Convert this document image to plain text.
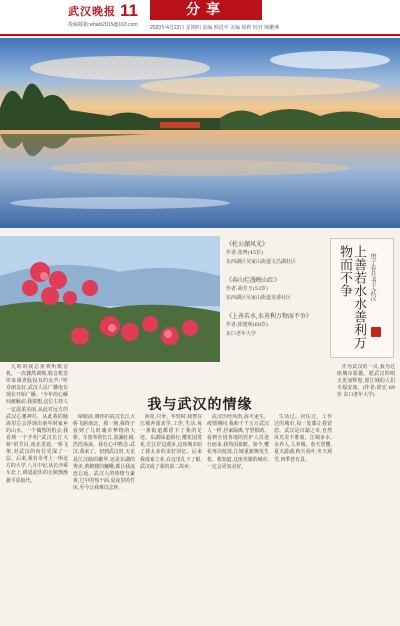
武汉晚报 11
投稿邮箱:whwb2015@163.com
分享
2020年4月23日 星期四 责编 韩进中 美编 徐莉 校对 韩鹏燕
《杜公湖风光》
作者:张博(45岁)
东西湖区吴家山街道文昌湖社区
《春山烂漫映山红》
作者:胡芳玉(52岁)
东西湖区吴家山街道龙港社区
《上善若水,水善利万物而不争》
作者:徐建明(68岁)
东口老年大学	上善若水水善利万物而不争	庚子春月书于武汉
我与武汉的情缘

儿时的我总喜欢听歌音机，一次偶然调频,收音机里传来调查股投耳的女声:"听众朋友好,武汉人民广播电台现在开始广播。"少年的心瞬间被触动,我猜想,这位主持人一定温柔美丽,从此对远方的武汉心驰神往。从此我的脑海里总会浮现出童年时家乡的山水。一个偶然的机会,我看到一个介绍"武汉长江大桥"的节目,南北贯通,一桥飞架,对武汉的向往更深了一层。后来,我有幸考上一所北方的大学,八月中旬,从长沙乘车北上,绵延起伏的丘陵渐渐被平原取代。

绿眼前,雄伟的武汉长江大桥飞跨南北。那一刻,我终于看到了儿时魂牵梦绕的大桥。车窗外的长江,波澜壮阔,浩浩荡荡。我在心中默念:武汉,我来了。初到武汉时,无论是江汉路的繁华,还是东湖的秀美,黄鹤楼的巍峨,都让我流连忘返。武汉人的热情与豪爽,过早的热干面,夏夜里的竹床,至今让我难以忘怀。

荷花,只争。年轻时,我曾在江城奔波求学,工作,生活,每一条街道都留下了我的足迹。东湖绿道骑行,樱花园赏花,长江岸边漫步,这座城市给了我太多的美好回忆。后来我成家立业,在这里扎下了根,武汉成了我的第二故乡。

武汉历经风雨,浴火重生。疫情期间,我和千千万万武汉人一样,居家隔离,守望相助。看到全国各地的医护人员逆行而来,我热泪盈眶。如今,樱花再次绽放,江城重新焕发生机。我知道,这座英雄的城市,一定会更加美好。

生活过、居住过、工作过的城市,每一处都让我留恋。武汉是百湖之市,自然风光美不胜收。江城多水,水养人,人养城。春天赏樱,夏天游湖,秋天看叶,冬天观雪,四季皆有景。

作为武汉的一员,我为这座城市骄傲。愿武汉的明天更加辉煌,愿江城的人们幸福安康。(作者:徐宏 69岁 东口老年大学)
